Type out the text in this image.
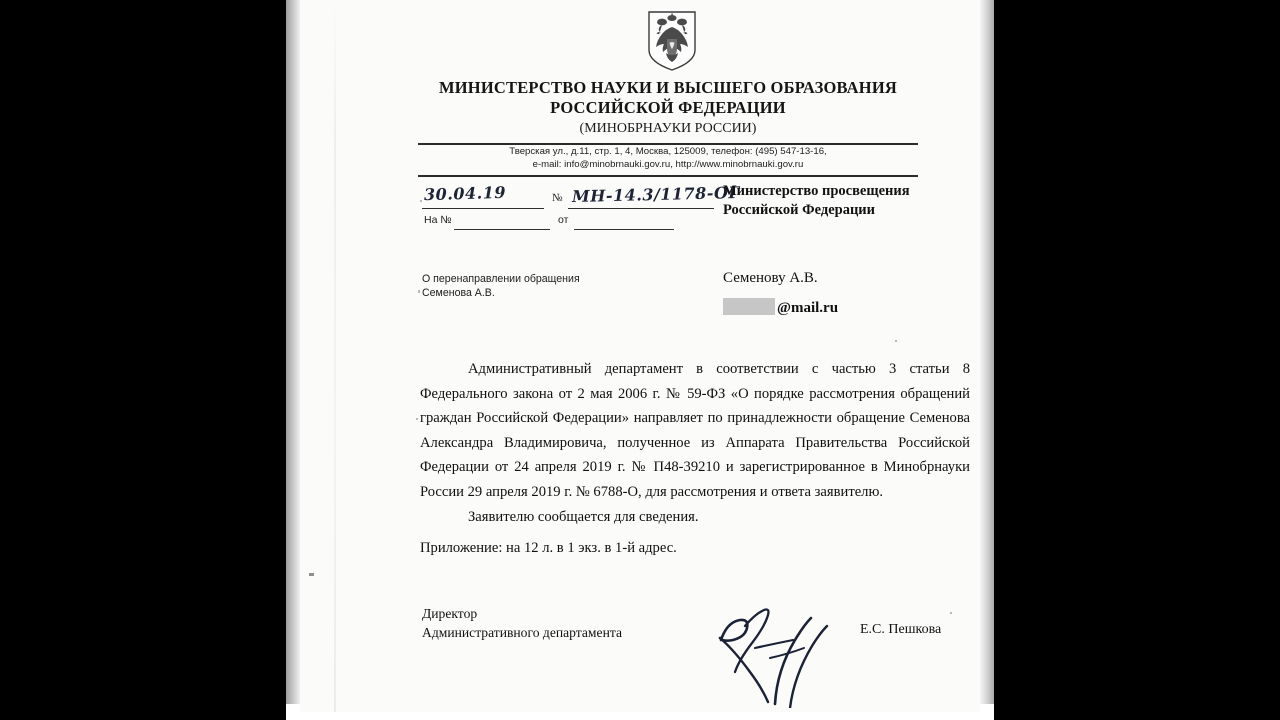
МИНИСТЕРСТВО НАУКИ И ВЫСШЕГО ОБРАЗОВАНИЯ
РОССИЙСКОЙ ФЕДЕРАЦИИ
(МИНОБРНАУКИ РОССИИ)
Тверская ул., д.11, стр. 1, 4, Москва, 125009, телефон: (495) 547-13-16,
e-mail: info@minobrnauki.gov.ru, http://www.minobrnauki.gov.ru
30.04.19	№ МН-14.3/1178-ОГ
На №	от
Министерство просвещения
Российской Федерации
О перенаправлении обращения
Семенова А.В.
Семенову А.В.
@mail.ru

Административный департамент в соответствии с частью 3 статьи 8 Федерального закона от 2 мая 2006 г. № 59-ФЗ «О порядке рассмотрения обращений граждан Российской Федерации» направляет по принадлежности обращение Семенова Александра Владимировича, полученное из Аппарата Правительства Российской Федерации от 24 апреля 2019 г. № П48-39210 и зарегистрированное в Минобрнауки России 29 апреля 2019 г. № 6788-О, для рассмотрения и ответа заявителю.

Заявителю сообщается для сведения.

Приложение: на 12 л. в 1 экз. в 1-й адрес.
Директор
Административного департамента	Е.С. Пешкова
